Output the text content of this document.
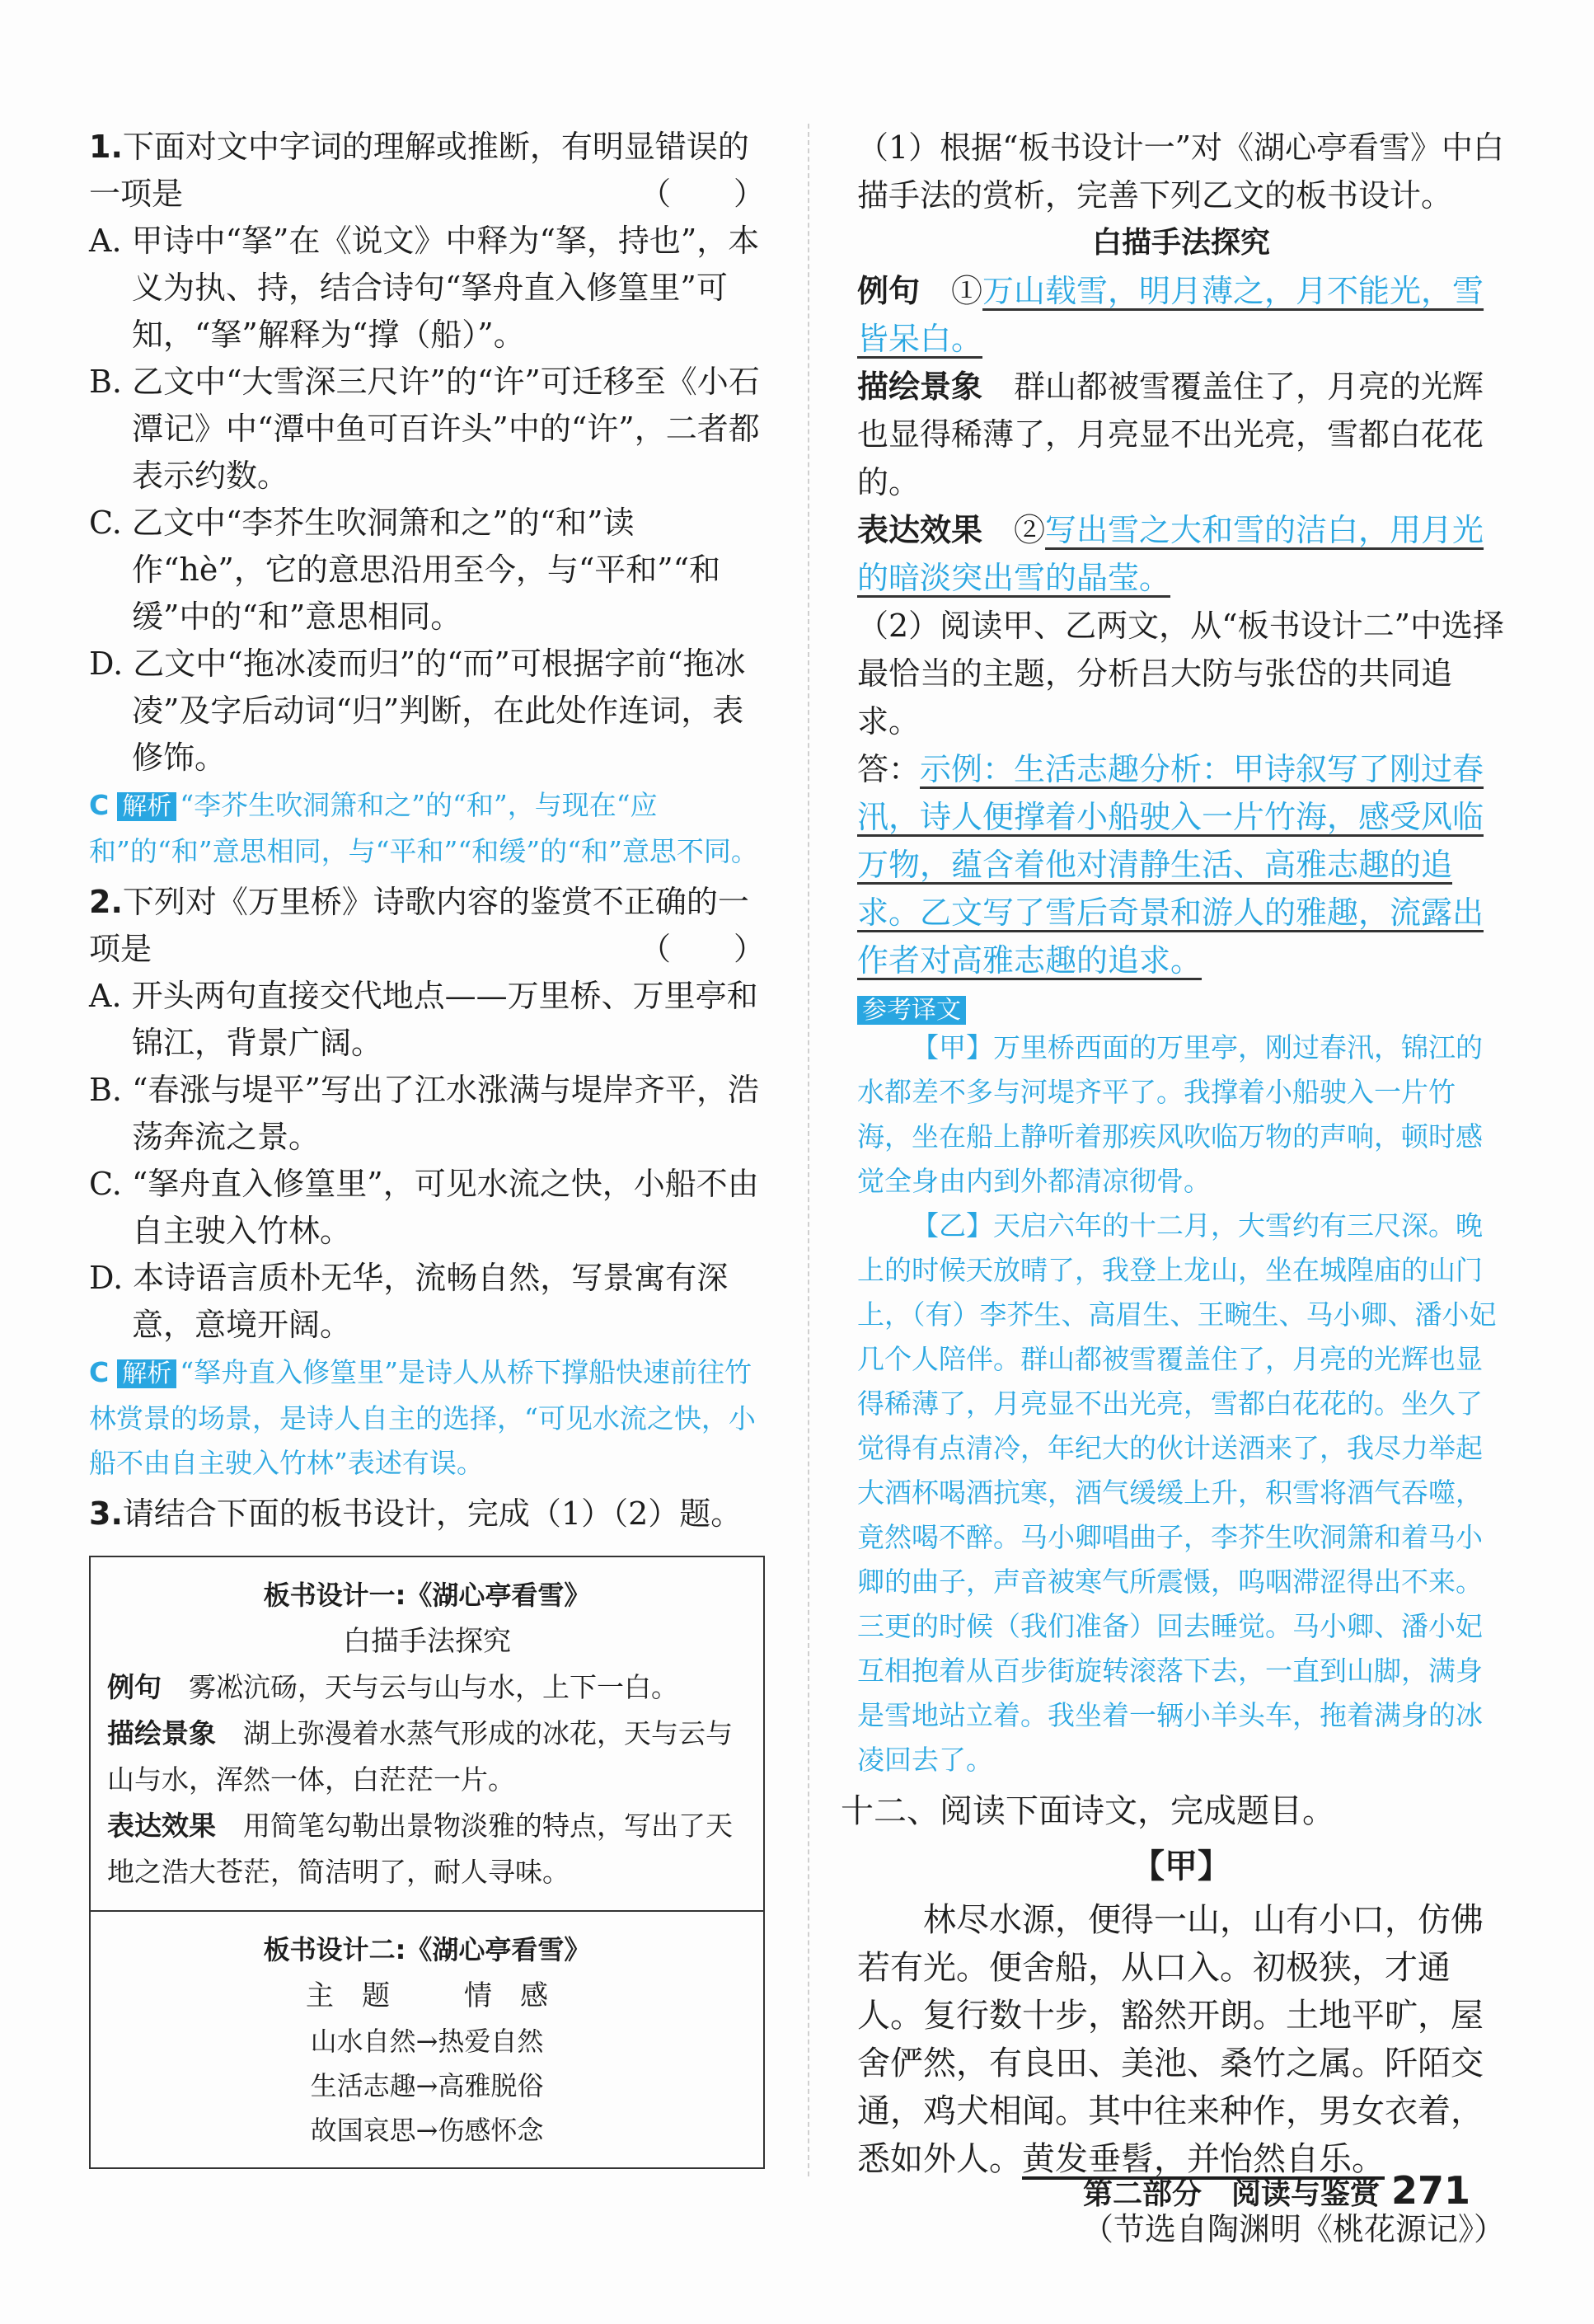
1.下面对文中字词的理解或推断，有明显错误的一项是	（　　）

A. 甲诗中“拏”在《说文》中释为“拏，持也”，本义为执、持，结合诗句“拏舟直入修篁里”可知，“拏”解释为“撑（船）”。

B. 乙文中“大雪深三尺许”的“许”可迁移至《小石潭记》中“潭中鱼可百许头”中的“许”，二者都表示约数。

C. 乙文中“李芥生吹洞箫和之”的“和”读作“hè”，它的意思沿用至今，与“平和”“和缓”中的“和”意思相同。

D. 乙文中“拖冰凌而归”的“而”可根据字前“拖冰凌”及字后动词“归”判断，在此处作连词，表修饰。

C 解析 “李芥生吹洞箫和之”的“和”，与现在“应和”的“和”意思相同，与“平和”“和缓”的“和”意思不同。
2.下列对《万里桥》诗歌内容的鉴赏不正确的一项是	（　　）

A. 开头两句直接交代地点——万里桥、万里亭和锦江，背景广阔。

B. “春涨与堤平”写出了江水涨满与堤岸齐平，浩荡奔流之景。

C. “拏舟直入修篁里”，可见水流之快，小船不由自主驶入竹林。

D. 本诗语言质朴无华，流畅自然，写景寓有深意，意境开阔。

C 解析 “拏舟直入修篁里”是诗人从桥下撑船快速前往竹林赏景的场景，是诗人自主的选择，“可见水流之快，小船不由自主驶入竹林”表述有误。
3.请结合下面的板书设计，完成（1）（2）题。
板书设计一:《湖心亭看雪》
白描手法探究
例句　 雾凇沆砀，天与云与山与水，上下一白。
描绘景象　 湖上弥漫着水蒸气形成的冰花，天与云与山与水，浑然一体，白茫茫一片。
表达效果　 用简笔勾勒出景物淡雅的特点，写出了天地之浩大苍茫，简洁明了，耐人寻味。
板书设计二:《湖心亭看雪》
主　题	情　感
山水自然→热爱自然
生活志趣→高雅脱俗
故国哀思→伤感怀念

（1）根据“板书设计一”对《湖心亭看雪》中白描手法的赏析，完善下列乙文的板书设计。

白描手法探究

例句　 ①万山载雪，明月薄之，月不能光，雪皆呆白。

描绘景象　 群山都被雪覆盖住了，月亮的光辉也显得稀薄了，月亮显不出光亮，雪都白花花的。

表达效果　 ②写出雪之大和雪的洁白，用月光的暗淡突出雪的晶莹。

（2）阅读甲、乙两文，从“板书设计二”中选择最恰当的主题，分析吕大防与张岱的共同追求。

答：示例：生活志趣分析：甲诗叙写了刚过春汛，诗人便撑着小船驶入一片竹海，感受风临万物，蕴含着他对清静生活、高雅志趣的追求。乙文写了雪后奇景和游人的雅趣，流露出作者对高雅志趣的追求。

参考译文

【甲】万里桥西面的万里亭，刚过春汛，锦江的水都差不多与河堤齐平了。我撑着小船驶入一片竹海，坐在船上静听着那疾风吹临万物的声响，顿时感觉全身由内到外都清凉彻骨。

【乙】天启六年的十二月，大雪约有三尺深。晚上的时候天放晴了，我登上龙山，坐在城隍庙的山门上，（有）李芥生、高眉生、王畹生、马小卿、潘小妃几个人陪伴。群山都被雪覆盖住了，月亮的光辉也显得稀薄了，月亮显不出光亮，雪都白花花的。坐久了觉得有点清冷，年纪大的伙计送酒来了，我尽力举起大酒杯喝酒抗寒，酒气缓缓上升，积雪将酒气吞噬，竟然喝不醉。马小卿唱曲子，李芥生吹洞箫和着马小卿的曲子，声音被寒气所震慑，呜咽滞涩得出不来。三更的时候（我们准备）回去睡觉。马小卿、潘小妃互相抱着从百步街旋转滚落下去，一直到山脚，满身是雪地站立着。我坐着一辆小羊头车，拖着满身的冰凌回去了。

十二、阅读下面诗文，完成题目。

【甲】

林尽水源，便得一山，山有小口，仿佛若有光。便舍船，从口入。初极狭，才通人。复行数十步，豁然开朗。土地平旷，屋舍俨然，有良田、美池、桑竹之属。阡陌交通，鸡犬相闻。其中往来种作，男女衣着，悉如外人。黄发垂髫，并怡然自乐。

（节选自陶渊明《桃花源记》）
第二部分　阅读与鉴赏 271
